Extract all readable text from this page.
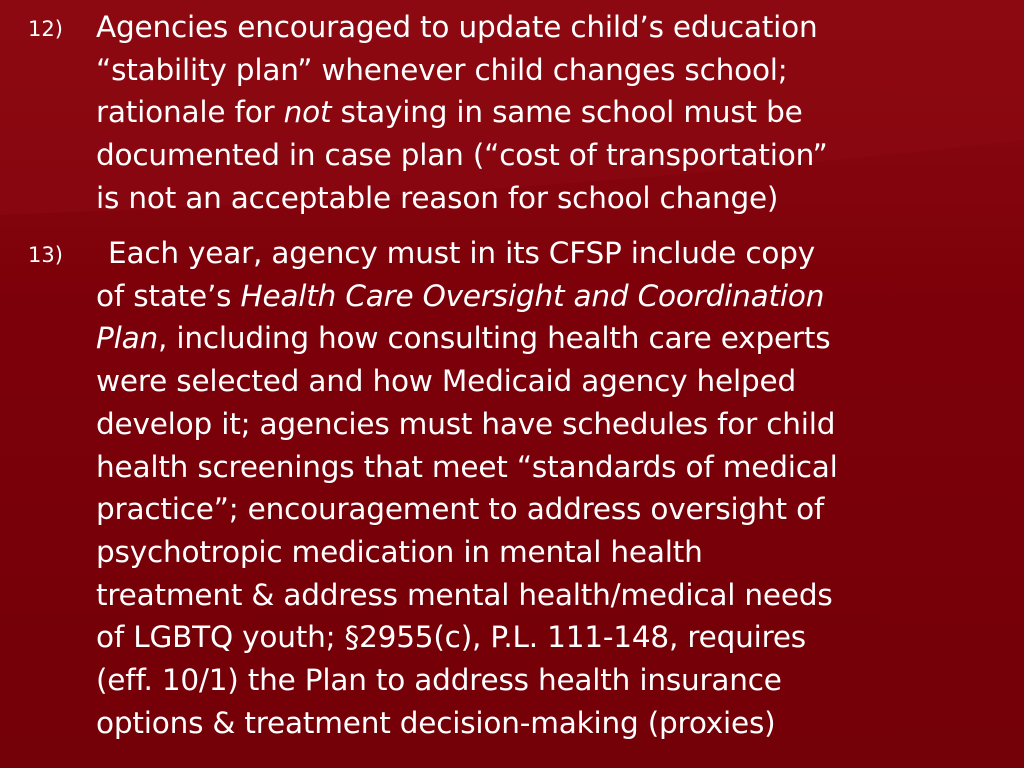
12) Agencies encouraged to update child’s education
“stability plan” whenever child changes school;
rationale for not staying in same school must be
documented in case plan (“cost of transportation”
is not an acceptable reason for school change)
13) Each year, agency must in its CFSP include copy
of state’s Health Care Oversight and Coordination
Plan, including how consulting health care experts
were selected and how Medicaid agency helped
develop it; agencies must have schedules for child
health screenings that meet “standards of medical
practice”; encouragement to address oversight of
psychotropic medication in mental health
treatment & address mental health/medical needs
of LGBTQ youth; §2955(c), P.L. 111-148, requires
(eff. 10/1) the Plan to address health insurance
options & treatment decision-making (proxies)
